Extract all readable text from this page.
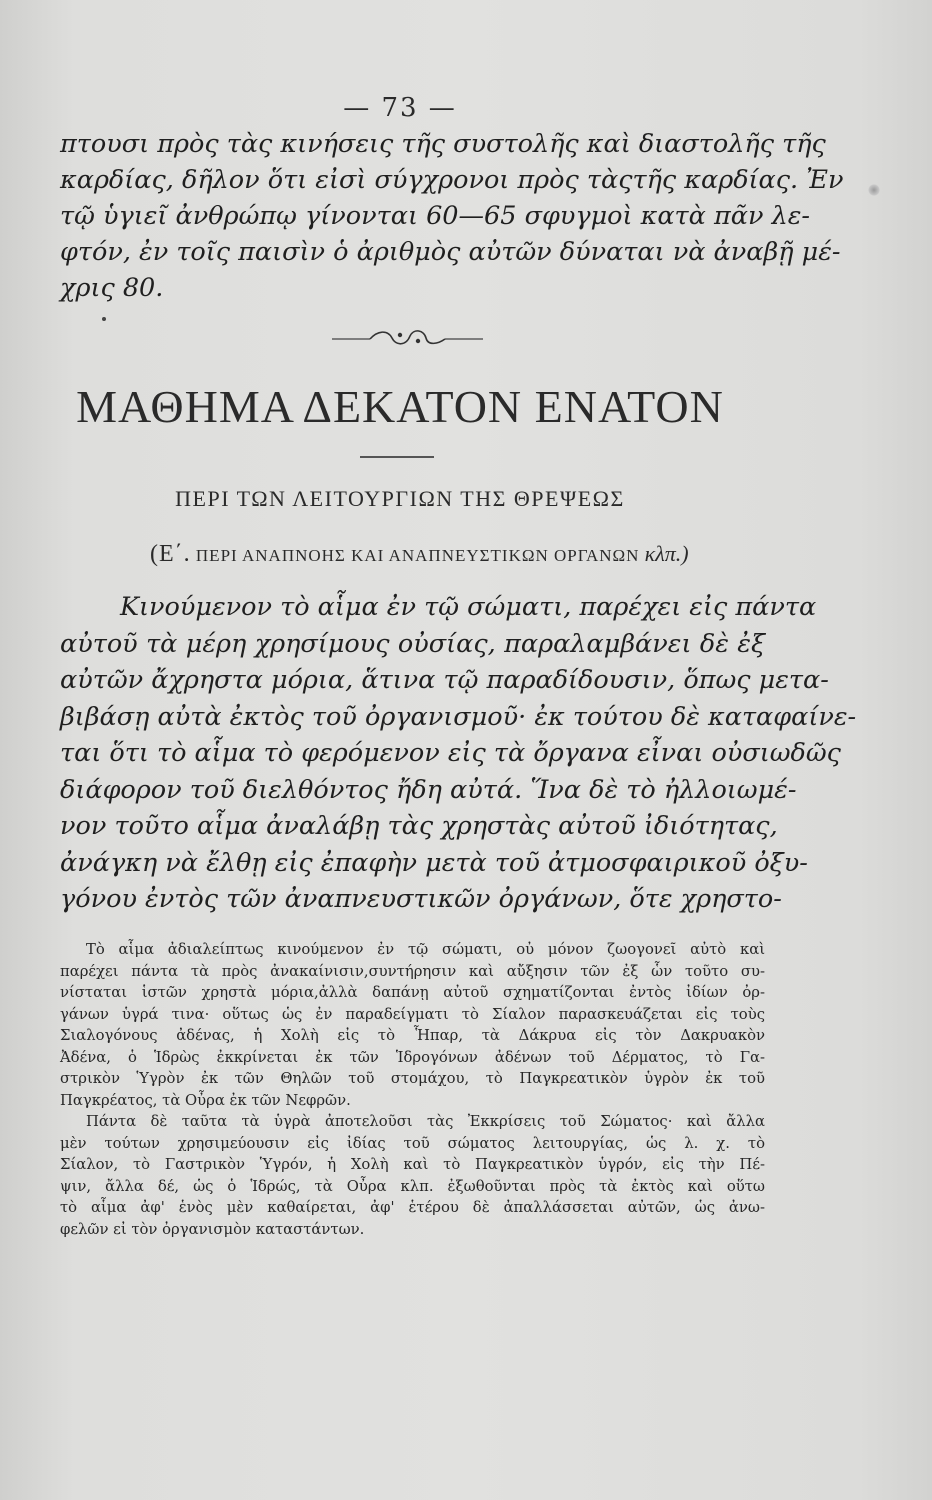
— 73 —
πτουσι πρὸς τὰς κινήσεις τῆς συστολῆς καὶ διαστολῆς τῆς
καρδίας, δῆλον ὅτι εἰσὶ σύγχρονοι πρὸς τὰςτῆς καρδίας. Ἐν
τῷ ὑγιεῖ ἀνθρώπῳ γίνονται 60—65 σφυγμοὶ κατὰ πᾶν λε-
φτόν, ἐν τοῖς παισὶν ὁ ἀριθμὸς αὐτῶν δύναται νὰ ἀναβῇ μέ-
χρις 80.
ΜΑΘΗΜΑ ΔΕΚΑΤΟΝ ΕΝΑΤΟΝ
ΠΕΡΙ ΤΩΝ ΛΕΙΤΟΥΡΓΙΩΝ ΤΗΣ ΘΡΕΨΕΩΣ
(Ε΄. ΠΕΡΙ ΑΝΑΠΝΟΗΣ ΚΑΙ ΑΝΑΠΝΕΥΣΤΙΚΩΝ ΟΡΓΑΝΩΝ κλπ.)
Κινούμενον τὸ αἷμα ἐν τῷ σώματι, παρέχει εἰς πάντα
αὐτοῦ τὰ μέρη χρησίμους οὐσίας, παραλαμβάνει δὲ ἐξ
αὐτῶν ἄχρηστα μόρια, ἅτινα τῷ παραδίδουσιν, ὅπως μετα-
βιβάσῃ αὐτὰ ἐκτὸς τοῦ ὀργανισμοῦ· ἐκ τούτου δὲ καταφαίνε-
ται ὅτι τὸ αἷμα τὸ φερόμενον εἰς τὰ ὄργανα εἶναι οὐσιωδῶς
διάφορον τοῦ διελθόντος ἤδη αὐτά. Ἵνα δὲ τὸ ἠλλοιωμέ-
νον τοῦτο αἷμα ἀναλάβῃ τὰς χρηστὰς αὐτοῦ ἰδιότητας,
ἀνάγκη νὰ ἔλθῃ εἰς ἐπαφὴν μετὰ τοῦ ἀτμοσφαιρικοῦ ὀξυ-
γόνου ἐντὸς τῶν ἀναπνευστικῶν ὀργάνων, ὅτε χρηστο-
Τὸ αἷμα ἀδιαλείπτως κινούμενον ἐν τῷ σώματι, οὐ μόνον ζωογονεῖ αὐτὸ καὶ
παρέχει πάντα τὰ πρὸς ἀνακαίνισιν,συντήρησιν καὶ αὔξησιν τῶν ἐξ ὧν τοῦτο συ-
νίσταται ἱστῶν χρηστὰ μόρια,ἀλλὰ δαπάνῃ αὐτοῦ σχηματίζονται ἐντὸς ἰδίων ὀρ-
γάνων ὑγρά τινα· οὕτως ὡς ἐν παραδείγματι τὸ Σίαλον παρασκευάζεται εἰς τοὺς
Σιαλογόνους ἀδένας, ἡ Χολὴ εἰς τὸ Ἧπαρ, τὰ Δάκρυα εἰς τὸν Δακρυακὸν
Ἀδένα, ὁ Ἱδρὼς ἐκκρίνεται ἐκ τῶν Ἱδρογόνων ἀδένων τοῦ Δέρματος, τὸ Γα-
στρικὸν Ὑγρὸν ἐκ τῶν Θηλῶν τοῦ στομάχου, τὸ Παγκρεατικὸν ὑγρὸν ἐκ τοῦ
Παγκρέατος, τὰ Οὖρα ἐκ τῶν Νεφρῶν.
Πάντα δὲ ταῦτα τὰ ὑγρὰ ἀποτελοῦσι τὰς Ἐκκρίσεις τοῦ Σώματος· καὶ ἄλλα
μὲν τούτων χρησιμεύουσιν εἰς ἰδίας τοῦ σώματος λειτουργίας, ὡς λ. χ. τὸ
Σίαλον, τὸ Γαστρικὸν Ὑγρόν, ἡ Χολὴ καὶ τὸ Παγκρεατικὸν ὑγρόν, εἰς τὴν Πέ-
ψιν, ἄλλα δέ, ὡς ὁ Ἱδρώς, τὰ Οὖρα κλπ. ἐξωθοῦνται πρὸς τὰ ἐκτὸς καὶ οὕτω
τὸ αἷμα ἀφ' ἑνὸς μὲν καθαίρεται, ἀφ' ἑτέρου δὲ ἀπαλλάσσεται αὐτῶν, ὡς ἀνω-
φελῶν εἰ τὸν ὀργανισμὸν καταστάντων.
